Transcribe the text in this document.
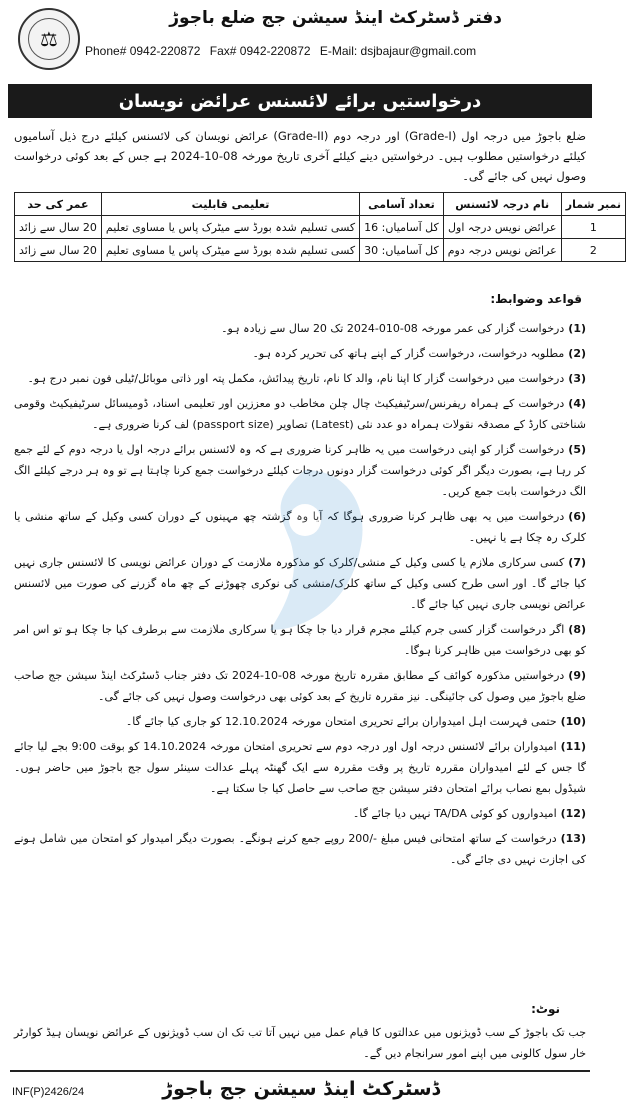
⚖
دفتر ڈسٹرکٹ اینڈ سیشن جج ضلع باجوڑ
Phone# 0942-220872 Fax# 0942-220872 E-Mail: dsjbajaur@gmail.com
درخواستیں برائے لائسنس عرائض نویسان
ضلع باجوڑ میں درجہ اول (Grade-I) اور درجہ دوم (Grade-II) عرائض نویسان کی لائسنس کیلئے درج ذیل آسامیوں کیلئے درخواستیں مطلوب ہیں۔ درخواستیں دینے کیلئے آخری تاریخ مورخہ 08-10-2024 ہے جس کے بعد کوئی درخواست وصول نہیں کی جائے گی۔
عمر کی حد	تعلیمی قابلیت	تعداد آسامی	نام درجہ لائسنس	نمبر شمار
20 سال سے زائد	کسی تسلیم شدہ بورڈ سے میٹرک پاس یا مساوی تعلیم	کل آسامیاں: 16	عرائض نویس درجہ اول	1
20 سال سے زائد	کسی تسلیم شدہ بورڈ سے میٹرک پاس یا مساوی تعلیم	کل آسامیاں: 30	عرائض نویس درجہ دوم	2
قواعد وضوابط:

(1)درخواست گزار کی عمر مورخہ 08-010-2024 تک 20 سال سے زیادہ ہو۔

(2)مطلوبہ درخواست، درخواست گزار کے اپنے ہاتھ کی تحریر کردہ ہو۔

(3)درخواست میں درخواست گزار کا اپنا نام، والد کا نام، تاریخ پیدائش، مکمل پتہ اور ذاتی موبائل/ٹیلی فون نمبر درج ہو۔

(4)درخواست کے ہمراہ ریفرنس/سرٹیفیکیٹ چال چلن مخاطب دو معززین اور تعلیمی اسناد، ڈومیسائل سرٹیفیکیٹ وقومی شناختی کارڈ کے مصدقہ نقولات ہمراہ دو عدد نئی (Latest) تصاویر (passport size) لف کرنا ضروری ہے۔

(5)درخواست گزار کو اپنی درخواست میں یہ ظاہر کرنا ضروری ہے کہ وہ لائسنس برائے درجہ اول یا درجہ دوم کے لئے جمع کر رہا ہے، بصورت دیگر اگر کوئی درخواست گزار دونوں درجات کیلئے درخواست جمع کرنا چاہتا ہے تو وہ ہر درجے کیلئے الگ الگ درخواست بابت جمع کریں۔

(6)درخواست میں یہ بھی ظاہر کرنا ضروری ہوگا کہ آیا وہ گزشتہ چھ مہینوں کے دوران کسی وکیل کے ساتھ منشی یا کلرک رہ چکا ہے یا نہیں۔

(7)کسی سرکاری ملازم یا کسی وکیل کے منشی/کلرک کو مذکورہ ملازمت کے دوران عرائض نویسی کا لائسنس جاری نہیں کیا جائے گا۔ اور اسی طرح کسی وکیل کے ساتھ کلرک/منشی کی نوکری چھوڑنے کے چھ ماہ گزرنے کی صورت میں لائسنس عرائض نویسی جاری نہیں کیا جائے گا۔

(8)اگر درخواست گزار کسی جرم کیلئے مجرم قرار دیا جا چکا ہو یا سرکاری ملازمت سے برطرف کیا جا چکا ہو تو اس امر کو بھی درخواست میں ظاہر کرنا ہوگا۔

(9)درخواستیں مذکورہ کوائف کے مطابق مقررہ تاریخ مورخہ 08-10-2024 تک دفتر جناب ڈسٹرکٹ اینڈ سیشن جج صاحب ضلع باجوڑ میں وصول کی جائینگی۔ نیز مقررہ تاریخ کے بعد کوئی بھی درخواست وصول نہیں کی جائے گی۔

(10)حتمی فہرست اہل امیدواران برائے تحریری امتحان مورخہ 12.10.2024 کو جاری کیا جائے گا۔

(11)امیدواران برائے لائسنس درجہ اول اور درجہ دوم سے تحریری امتحان مورخہ 14.10.2024 کو بوقت 9:00 بجے لیا جائے گا جس کے لئے امیدواران مقررہ تاریخ پر وقت مقررہ سے ایک گھنٹہ پہلے عدالت سینئر سول جج باجوڑ میں حاضر ہوں۔ شیڈول بمع نصاب برائے امتحان دفتر سیشن جج صاحب سے حاصل کیا جا سکتا ہے۔

(12)امیدواروں کو کوئی TA/DA نہیں دیا جائے گا۔

(13)درخواست کے ساتھ امتحانی فیس مبلغ -/200 روپے جمع کرنے ہونگے۔ بصورت دیگر امیدوار کو امتحان میں شامل ہونے کی اجازت نہیں دی جائے گی۔

نوٹ:
جب تک باجوڑ کے سب ڈویژنوں میں عدالتوں کا قیام عمل میں نہیں آتا تب تک ان سب ڈویژنوں کے عرائض نویسان ہیڈ کوارٹر خار سول کالونی میں اپنے امور سرانجام دیں گے۔
INF(P)2426/24	ڈسٹرکٹ اینڈ سیشن جج باجوڑ
